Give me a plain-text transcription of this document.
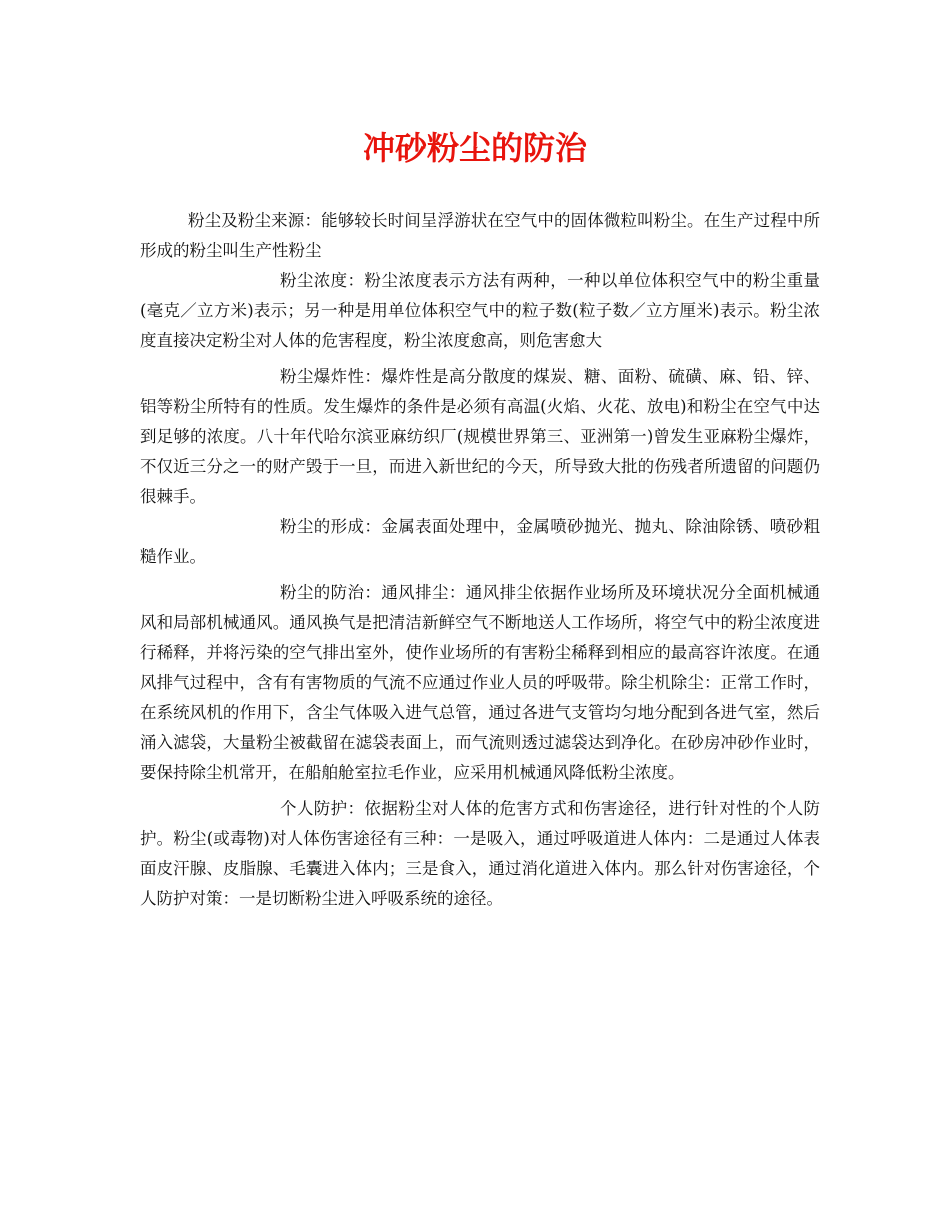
冲砂粉尘的防治

粉尘及粉尘来源：能够较长时间呈浮游状在空气中的固体微粒叫粉尘。在生产过程中所形成的粉尘叫生产性粉尘

粉尘浓度：粉尘浓度表示方法有两种，一种以单位体积空气中的粉尘重量(毫克／立方米)表示；另一种是用单位体积空气中的粒子数(粒子数／立方厘米)表示。粉尘浓度直接决定粉尘对人体的危害程度，粉尘浓度愈高，则危害愈大

粉尘爆炸性：爆炸性是高分散度的煤炭、糖、面粉、硫磺、麻、铅、锌、铝等粉尘所特有的性质。发生爆炸的条件是必须有高温(火焰、火花、放电)和粉尘在空气中达到足够的浓度。八十年代哈尔滨亚麻纺织厂(规模世界第三、亚洲第一)曾发生亚麻粉尘爆炸，不仅近三分之一的财产毁于一旦，而进入新世纪的今天，所导致大批的伤残者所遗留的问题仍很棘手。

粉尘的形成：金属表面处理中，金属喷砂抛光、抛丸、除油除锈、喷砂粗糙作业。

粉尘的防治：通风排尘：通风排尘依据作业场所及环境状况分全面机械通风和局部机械通风。通风换气是把清洁新鲜空气不断地送人工作场所，将空气中的粉尘浓度进行稀释，并将污染的空气排出室外，使作业场所的有害粉尘稀释到相应的最高容许浓度。在通风排气过程中，含有有害物质的气流不应通过作业人员的呼吸带。除尘机除尘：正常工作时，在系统风机的作用下，含尘气体吸入进气总管，通过各进气支管均匀地分配到各进气室，然后涌入滤袋，大量粉尘被截留在滤袋表面上，而气流则透过滤袋达到净化。在砂房冲砂作业时，要保持除尘机常开，在船舶舱室拉毛作业，应采用机械通风降低粉尘浓度。

个人防护：依据粉尘对人体的危害方式和伤害途径，进行针对性的个人防护。粉尘(或毒物)对人体伤害途径有三种：一是吸入，通过呼吸道进人体内：二是通过人体表面皮汗腺、皮脂腺、毛囊进入体内；三是食入，通过消化道进入体内。那么针对伤害途径，个人防护对策：一是切断粉尘进入呼吸系统的途径。
